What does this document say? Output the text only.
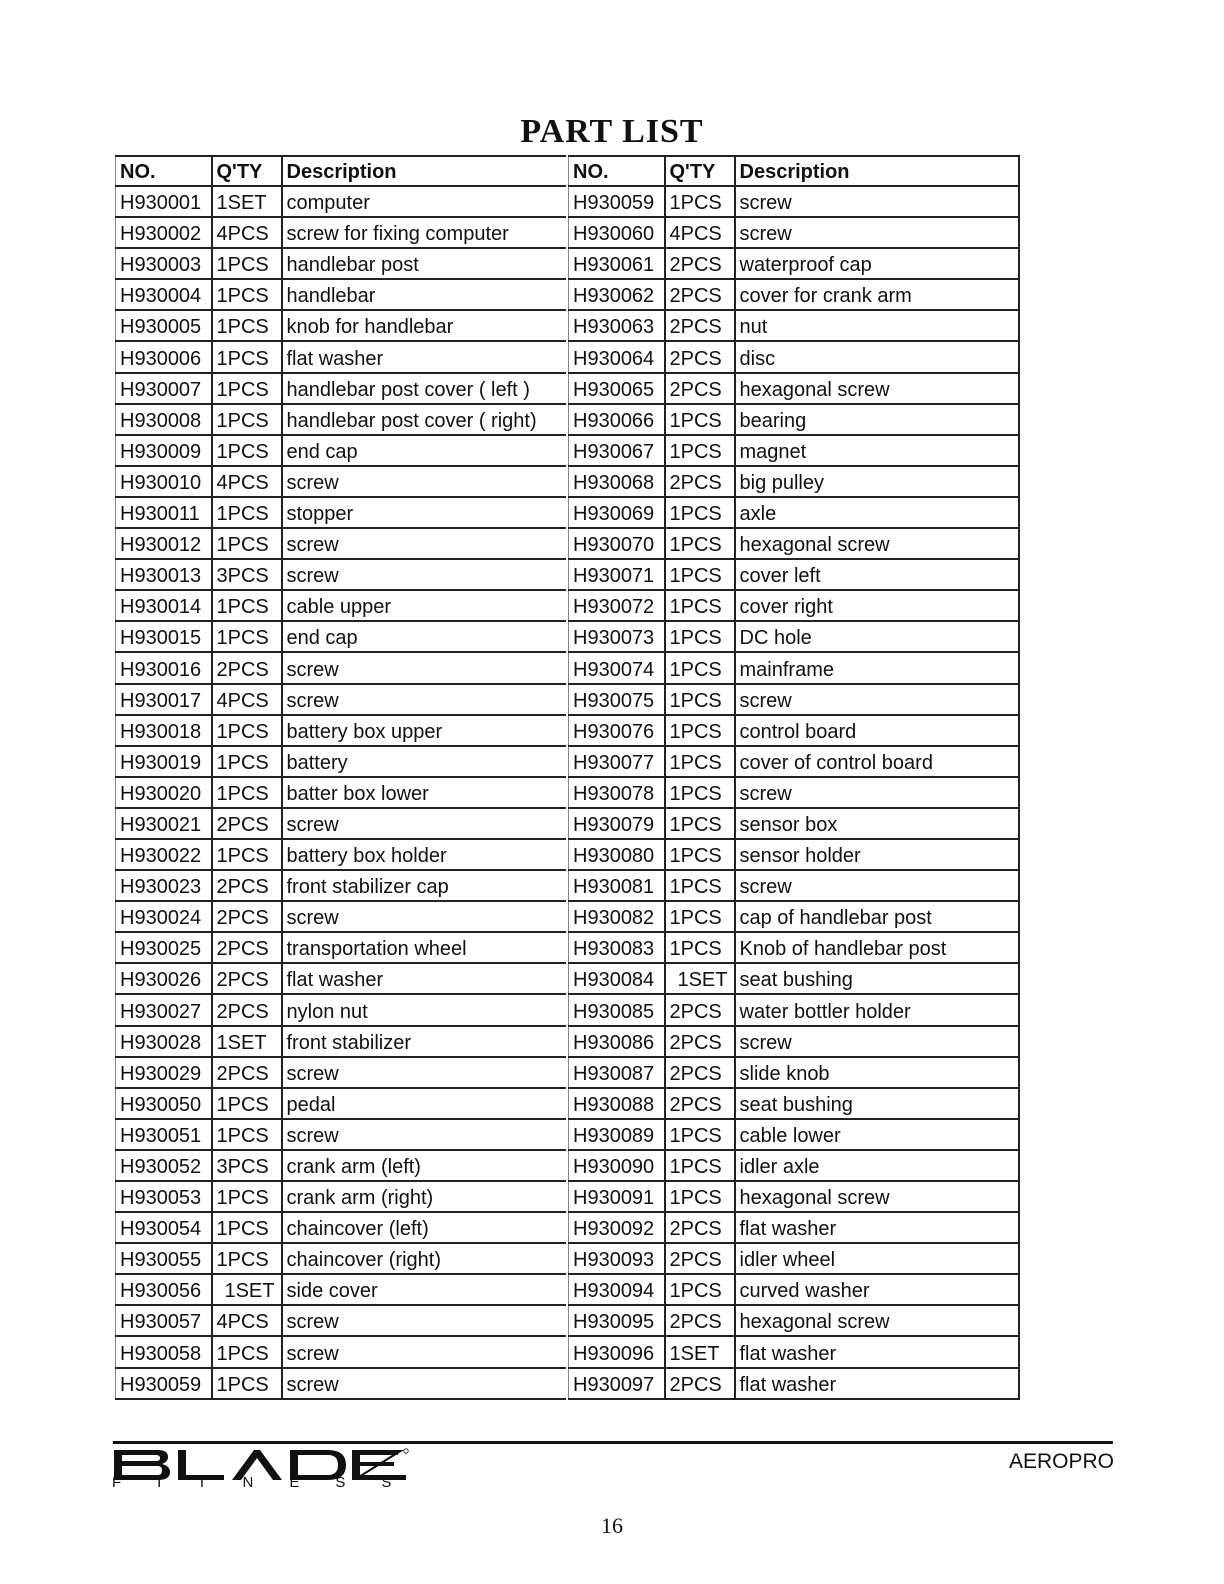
PART LIST
NO.	Q'TY	Description
H930001	1SET	computer
H930002	4PCS	screw for fixing computer
H930003	1PCS	handlebar post
H930004	1PCS	handlebar
H930005	1PCS	knob for handlebar
H930006	1PCS	flat washer
H930007	1PCS	handlebar post cover ( left )
H930008	1PCS	handlebar post cover ( right)
H930009	1PCS	end cap
H930010	4PCS	screw
H930011	1PCS	stopper
H930012	1PCS	screw
H930013	3PCS	screw
H930014	1PCS	cable upper
H930015	1PCS	end cap
H930016	2PCS	screw
H930017	4PCS	screw
H930018	1PCS	battery box upper
H930019	1PCS	battery
H930020	1PCS	batter box lower
H930021	2PCS	screw
H930022	1PCS	battery box holder
H930023	2PCS	front stabilizer cap
H930024	2PCS	screw
H930025	2PCS	transportation wheel
H930026	2PCS	flat washer
H930027	2PCS	nylon nut
H930028	1SET	front stabilizer
H930029	2PCS	screw
H930050	1PCS	pedal
H930051	1PCS	screw
H930052	3PCS	crank arm (left)
H930053	1PCS	crank arm (right)
H930054	1PCS	chaincover (left)
H930055	1PCS	chaincover (right)
H930056	1SET	side cover
H930057	4PCS	screw
H930058	1PCS	screw
H930059	1PCS	screw
NO.	Q'TY	Description
H930059	1PCS	screw
H930060	4PCS	screw
H930061	2PCS	waterproof cap
H930062	2PCS	cover for crank arm
H930063	2PCS	nut
H930064	2PCS	disc
H930065	2PCS	hexagonal screw
H930066	1PCS	bearing
H930067	1PCS	magnet
H930068	2PCS	big pulley
H930069	1PCS	axle
H930070	1PCS	hexagonal screw
H930071	1PCS	cover left
H930072	1PCS	cover right
H930073	1PCS	DC hole
H930074	1PCS	mainframe
H930075	1PCS	screw
H930076	1PCS	control board
H930077	1PCS	cover of control board
H930078	1PCS	screw
H930079	1PCS	sensor box
H930080	1PCS	sensor holder
H930081	1PCS	screw
H930082	1PCS	cap of handlebar post
H930083	1PCS	Knob of handlebar post
H930084	1SET	seat bushing
H930085	2PCS	water bottler holder
H930086	2PCS	screw
H930087	2PCS	slide knob
H930088	2PCS	seat bushing
H930089	1PCS	cable lower
H930090	1PCS	idler axle
H930091	1PCS	hexagonal screw
H930092	2PCS	flat washer
H930093	2PCS	idler wheel
H930094	1PCS	curved washer
H930095	2PCS	hexagonal screw
H930096	1SET	flat washer
H930097	2PCS	flat washer
FITNESS
AEROPRO
16
